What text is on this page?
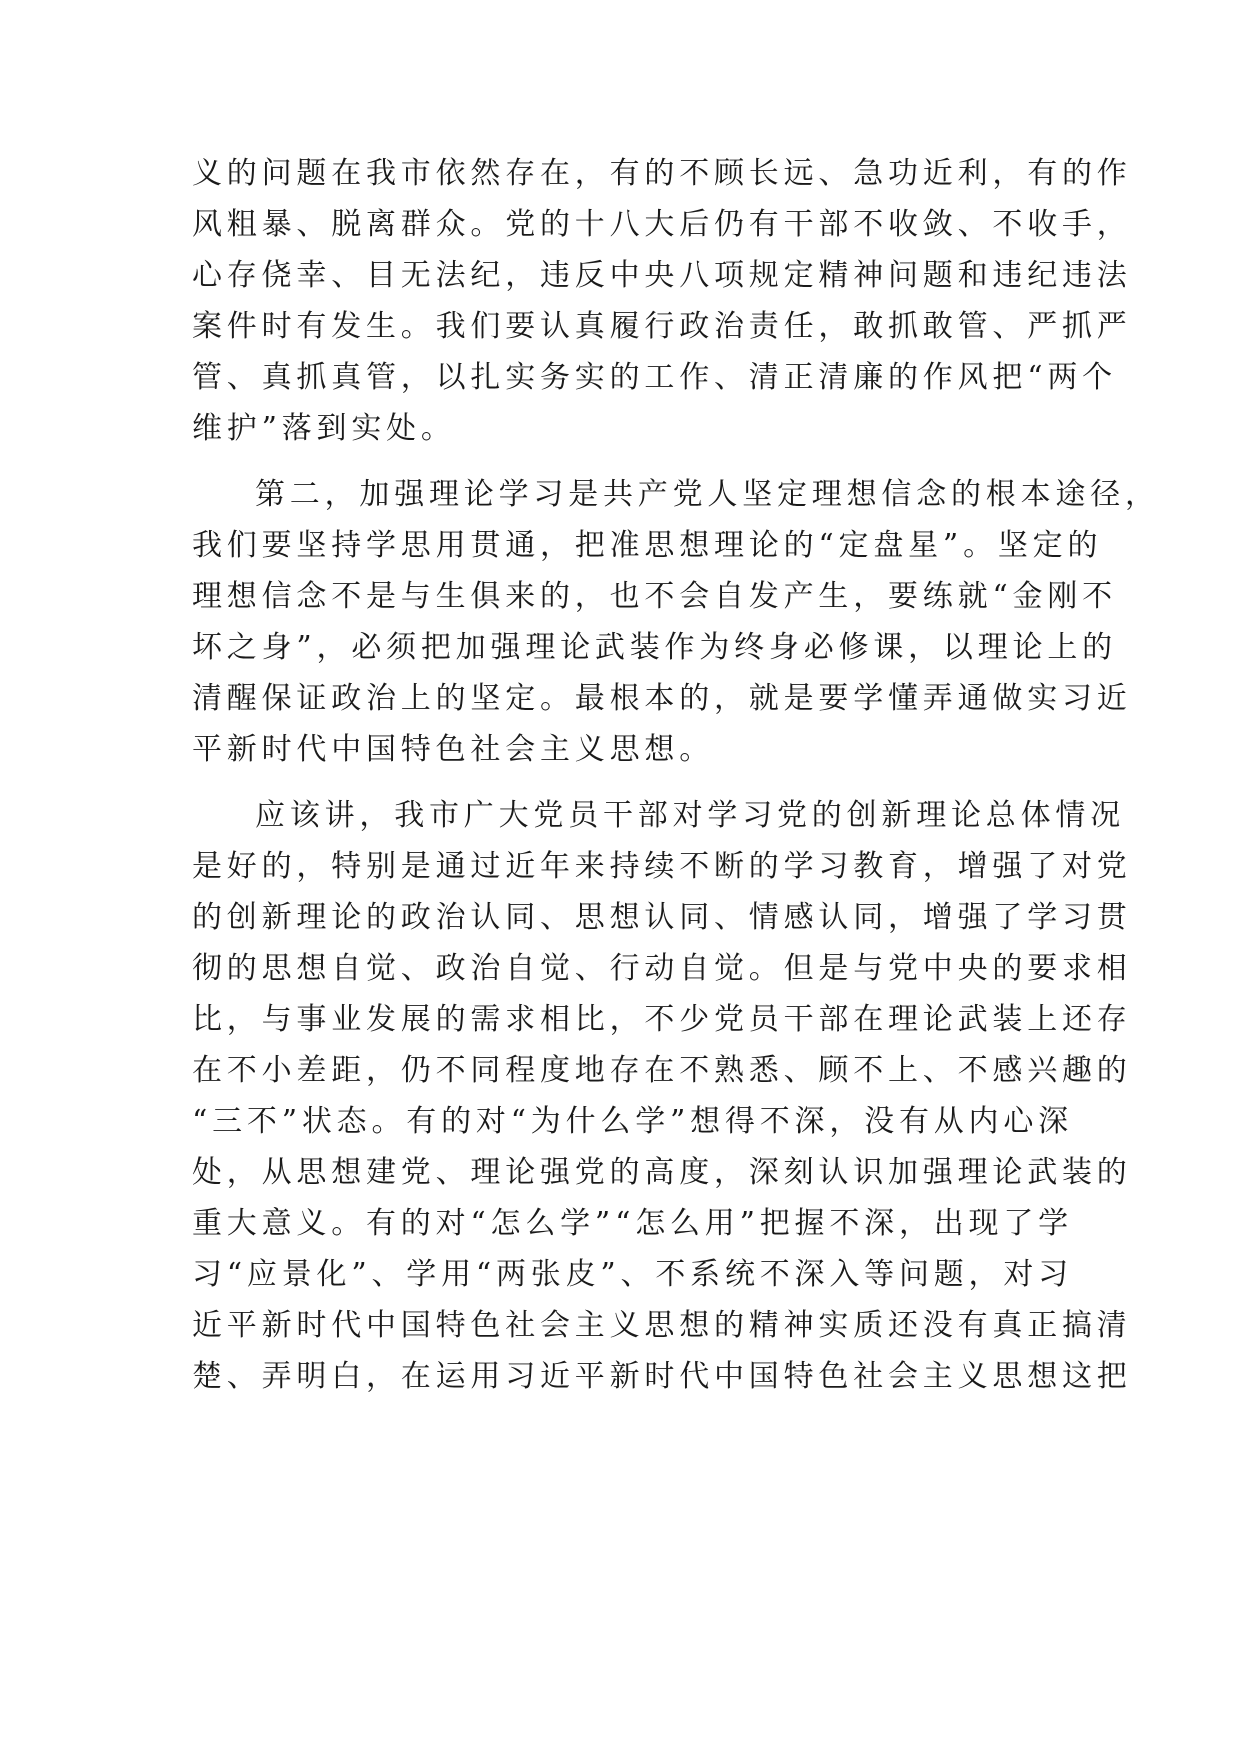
义的问题在我市依然存在，有的不顾长远、急功近利，有的作
风粗暴、脱离群众。党的十八大后仍有干部不收敛、不收手，
心存侥幸、目无法纪，违反中央八项规定精神问题和违纪违法
案件时有发生。我们要认真履行政治责任，敢抓敢管、严抓严
管、真抓真管，以扎实务实的工作、清正清廉的作风把“两个
维护”落到实处。

第二，加强理论学习是共产党人坚定理想信念的根本途径，
我们要坚持学思用贯通，把准思想理论的“定盘星”。坚定的
理想信念不是与生俱来的，也不会自发产生，要练就“金刚不
坏之身”，必须把加强理论武装作为终身必修课，以理论上的
清醒保证政治上的坚定。最根本的，就是要学懂弄通做实习近
平新时代中国特色社会主义思想。

应该讲，我市广大党员干部对学习党的创新理论总体情况
是好的，特别是通过近年来持续不断的学习教育，增强了对党
的创新理论的政治认同、思想认同、情感认同，增强了学习贯
彻的思想自觉、政治自觉、行动自觉。但是与党中央的要求相
比，与事业发展的需求相比，不少党员干部在理论武装上还存
在不小差距，仍不同程度地存在不熟悉、顾不上、不感兴趣的
“三不”状态。有的对“为什么学”想得不深，没有从内心深
处，从思想建党、理论强党的高度，深刻认识加强理论武装的
重大意义。有的对“怎么学”“怎么用”把握不深，出现了学
习“应景化”、学用“两张皮”、不系统不深入等问题，对习
近平新时代中国特色社会主义思想的精神实质还没有真正搞清
楚、弄明白，在运用习近平新时代中国特色社会主义思想这把
